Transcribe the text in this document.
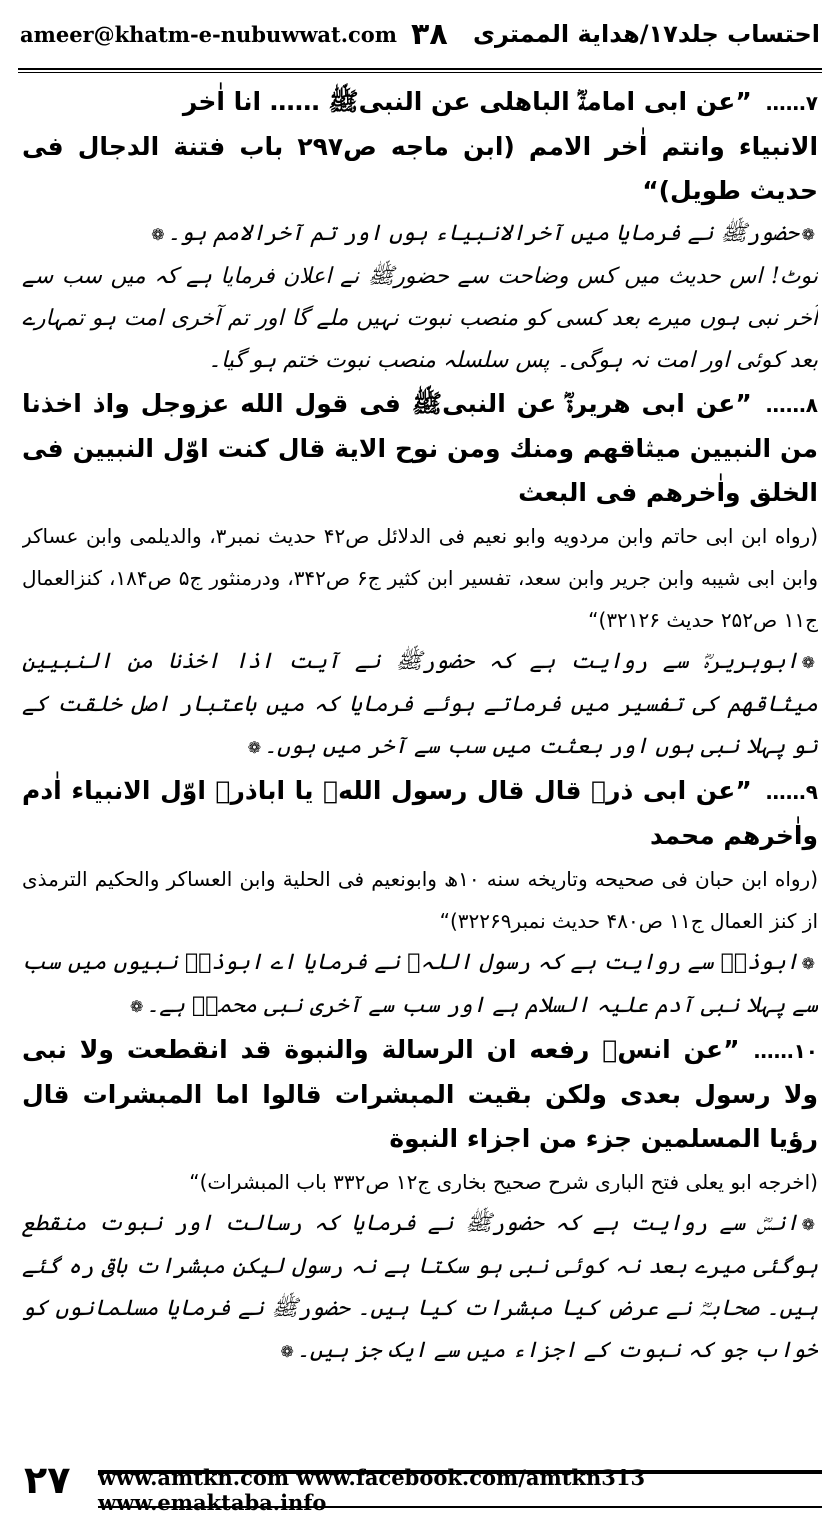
ameer@khatm-e-nubuwwat.com ۳۸ احتساب جلد۱۷/ھدایة الممتری

۷……”عن ابی امامةؓ الباھلی عن النبیﷺ …… انا اٰخر

الانبیاء وانتم اٰخر الامم (ابن ماجه ص۲۹۷ باب فتنة الدجال فی حدیث طویل)“

❁حضورﷺ نے فرمایا میں آخرالانبیاء ہوں اور تم آخرالامم ہو۔❁

نوٹ! اس حدیث میں کس وضاحت سے حضورﷺ نے اعلان فرمایا ہے کہ میں سب سے آخر نبی ہوں میرے بعد کسی کو منصب نبوت نہیں ملے گا اور تم آخری امت ہو تمہارے بعد کوئی اور امت نہ ہوگی۔ پس سلسلہ منصب نبوت ختم ہو گیا۔

۸……”عن ابی ھریرةؓ عن النبیﷺ فی قول الله عزوجل واذ اخذنا من النبیین میثاقھم ومنك ومن نوح الایة قال کنت اوّل النبیین فی الخلق واٰخرھم فی البعث

(رواه ابن ابی حاتم وابن مردویه وابو نعیم فی الدلائل ص۴۲ حدیث نمبر۳، والدیلمی وابن عساکر وابن ابی شیبه وابن جریر وابن سعد، تفسیر ابن کثیر ج۶ ص۳۴۲، ودرمنثور ج۵ ص۱۸۴، کنزالعمال ج۱۱ ص۲۵۲ حدیث ۳۲۱۲۶)“

❁ابوہریرہؓ سے روایت ہے کہ حضورﷺ نے آیت اذا اخذنا من النبیین میثاقھم کی تفسیر میں فرماتے ہوئے فرمایا کہ میں باعتبار اصل خلقت کے تو پہلا نبی ہوں اور بعثت میں سب سے آخر میں ہوں۔❁

۹……”عن ابی ذرؓ قال قال رسول اللهﷺ یا اباذرؓ اوّل الانبیاء اٰدم واٰخرھم محمد

(رواه ابن حبان فی صحیحه وتاریخه سنه ۱۰ھ وابونعیم فی الحلیة وابن العساکر والحکیم الترمذی از کنز العمال ج۱۱ ص۴۸۰ حدیث نمبر۳۲۲۶۹)“

❁ابوذرؓ سے روایت ہے کہ رسول اللہﷺ نے فرمایا اے ابوذرؓ نبیوں میں سب سے پہلا نبی آدم علیہ السلام ہے اور سب سے آخری نبی محمدؐ ہے۔❁

۱۰……”عن انسؓ رفعه ان الرسالة والنبوة قد انقطعت ولا نبی ولا رسول بعدی ولکن بقیت المبشرات قالوا اما المبشرات قال رؤیا المسلمین جزء من اجزاء النبوة

(اخرجه ابو یعلی فتح الباری شرح صحیح بخاری ج۱۲ ص۳۳۲ باب المبشرات)“

❁انسؓ سے روایت ہے کہ حضورﷺ نے فرمایا کہ رسالت اور نبوت منقطع ہوگئی میرے بعد نہ کوئی نبی ہو سکتا ہے نہ رسول لیکن مبشرات باقی رہ گئے ہیں۔ صحابہؓ نے عرض کیا مبشرات کیا ہیں۔ حضورﷺ نے فرمایا مسلمانوں کو خواب جو کہ نبوت کے اجزاء میں سے ایک جز ہیں۔❁

۲۷ www.amtkn.com www.facebook.com/amtkn313 www.emaktaba.info
